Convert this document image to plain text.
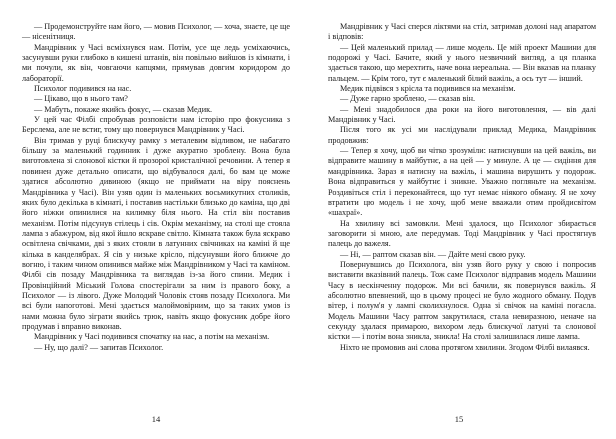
— Продемонструйте нам його, — мовив Психолог, — хоча, знаєте, це ще — нісенітниця.

Мандрівник у Часі всміхнувся нам. Потім, усе ще ледь усміхаючись, засунувши руки глибоко в кишені штанів, він повільно вийшов із кімнати, і ми почули, як він, човгаючи капцями, прямував довгим коридором до лабораторії.

Психолог подивився на нас.

— Цікаво, що в нього там?

— Мабуть, покаже якийсь фокус, — сказав Медик.

У цей час Філбі спробував розповісти нам історію про фокусника з Берслема, але не встиг, тому що повернувся Мандрівник у Часі.

Він тримав у руці блискучу рамку з металевим відливом, не набагато більшу за маленький годинник і дуже акуратно зроблену. Вона була виготовлена зі слонової кістки й прозорої кристалічної речовини. А тепер я повинен дуже детально описати, що відбувалося далі, бо вам це може здатися абсолютно дивиною (якщо не приймати на віру пояснень Мандрівника у Часі). Він узяв один із маленьких восьмикутних столиків, яких було декілька в кімнаті, і поставив настільки близько до каміна, що дві його ніжки опинилися на килимку біля нього. На стіл він поставив механізм. Потім підсунув стілець і сів. Окрім механізму, на столі ще стояла лампа з абажуром, від якої йшло яскраве світло. Кімната також була яскраво освітлена свічками, дві з яких стояли в латунних свічниках на каміні й ще кілька в канделябрах. Я сів у низьке крісло, підсунувши його ближче до вогню, і таким чином опинився майже між Мандрівником у Часі та каміном. Філбі сів позаду Мандрівника та виглядав із-за його спини. Медик і Провінційний Міський Голова спостерігали за ним із правого боку, а Психолог — із лівого. Дуже Молодий Чоловік стояв позаду Психолога. Ми всі були напоготові. Мені здається малоймовірним, що за таких умов із нами можна було зіграти якийсь трюк, навіть якщо фокусник добре його продумав і вправно виконав.

Мандрівник у Часі подивився спочатку на нас, а потім на механізм.

— Ну, що далі? — запитав Психолог.

Мандрівник у Часі сперся ліктями на стіл, затримав долоні над апаратом і відповів:

— Цей маленький прилад — лише модель. Це мій проект Машини для подорожі у Часі. Бачите, який у нього незвичний вигляд, а ця планка здається такою, що мерехтить, наче вона нереальна. — Він вказав на планку пальцем. — Крім того, тут є маленький білий важіль, а ось тут — інший.

Медик підвівся з крісла та подивився на механізм.

— Дуже гарно зроблено, — сказав він.

— Мені знадобилося два роки на його виготовлення, — вів далі Мандрівник у Часі.

Після того як усі ми наслідували приклад Медика, Мандрівник продовжив:

— Тепер я хочу, щоб ви чітко зрозуміли: натиснувши на цей важіль, ви відправите машину в майбутнє, а на цей — у минуле. А це — сидіння для мандрівника. Зараз я натисну на важіль, і машина вирушить у подорож. Вона відправиться у майбутнє і зникне. Уважно погляньте на механізм. Роздивіться стіл і переконайтеся, що тут немає ніякого обману. Я не хочу втратити цю модель і не хочу, щоб мене вважали отим пройдисвітом «шахраї».

На хвилину всі замовкли. Мені здалося, що Психолог збирається заговорити зі мною, але передумав. Тоді Мандрівник у Часі простягнув палець до важеля.

— Ні, — раптом сказав він. — Дайте мені свою руку.

Повернувшись до Психолога, він узяв його руку у свою і попросив виставити вказівний палець. Тож саме Психолог відправив модель Машини Часу в нескінченну подорож. Ми всі бачили, як повернувся важіль. Я абсолютно впевнений, що в цьому процесі не було жодного обману. Подув вітер, і полум'я у лампі сколихнулося. Одна зі свічок на каміні погасла. Модель Машини Часу раптом закрутилася, стала невиразною, неначе на секунду здалася примарою, вихором ледь блискучої латуні та слонової кістки — і потім вона зникла, зникла! На столі залишилася лише лампа.

Ніхто не промовив ані слова протягом хвилини. Згодом Філбі вилаявся.

14	15
